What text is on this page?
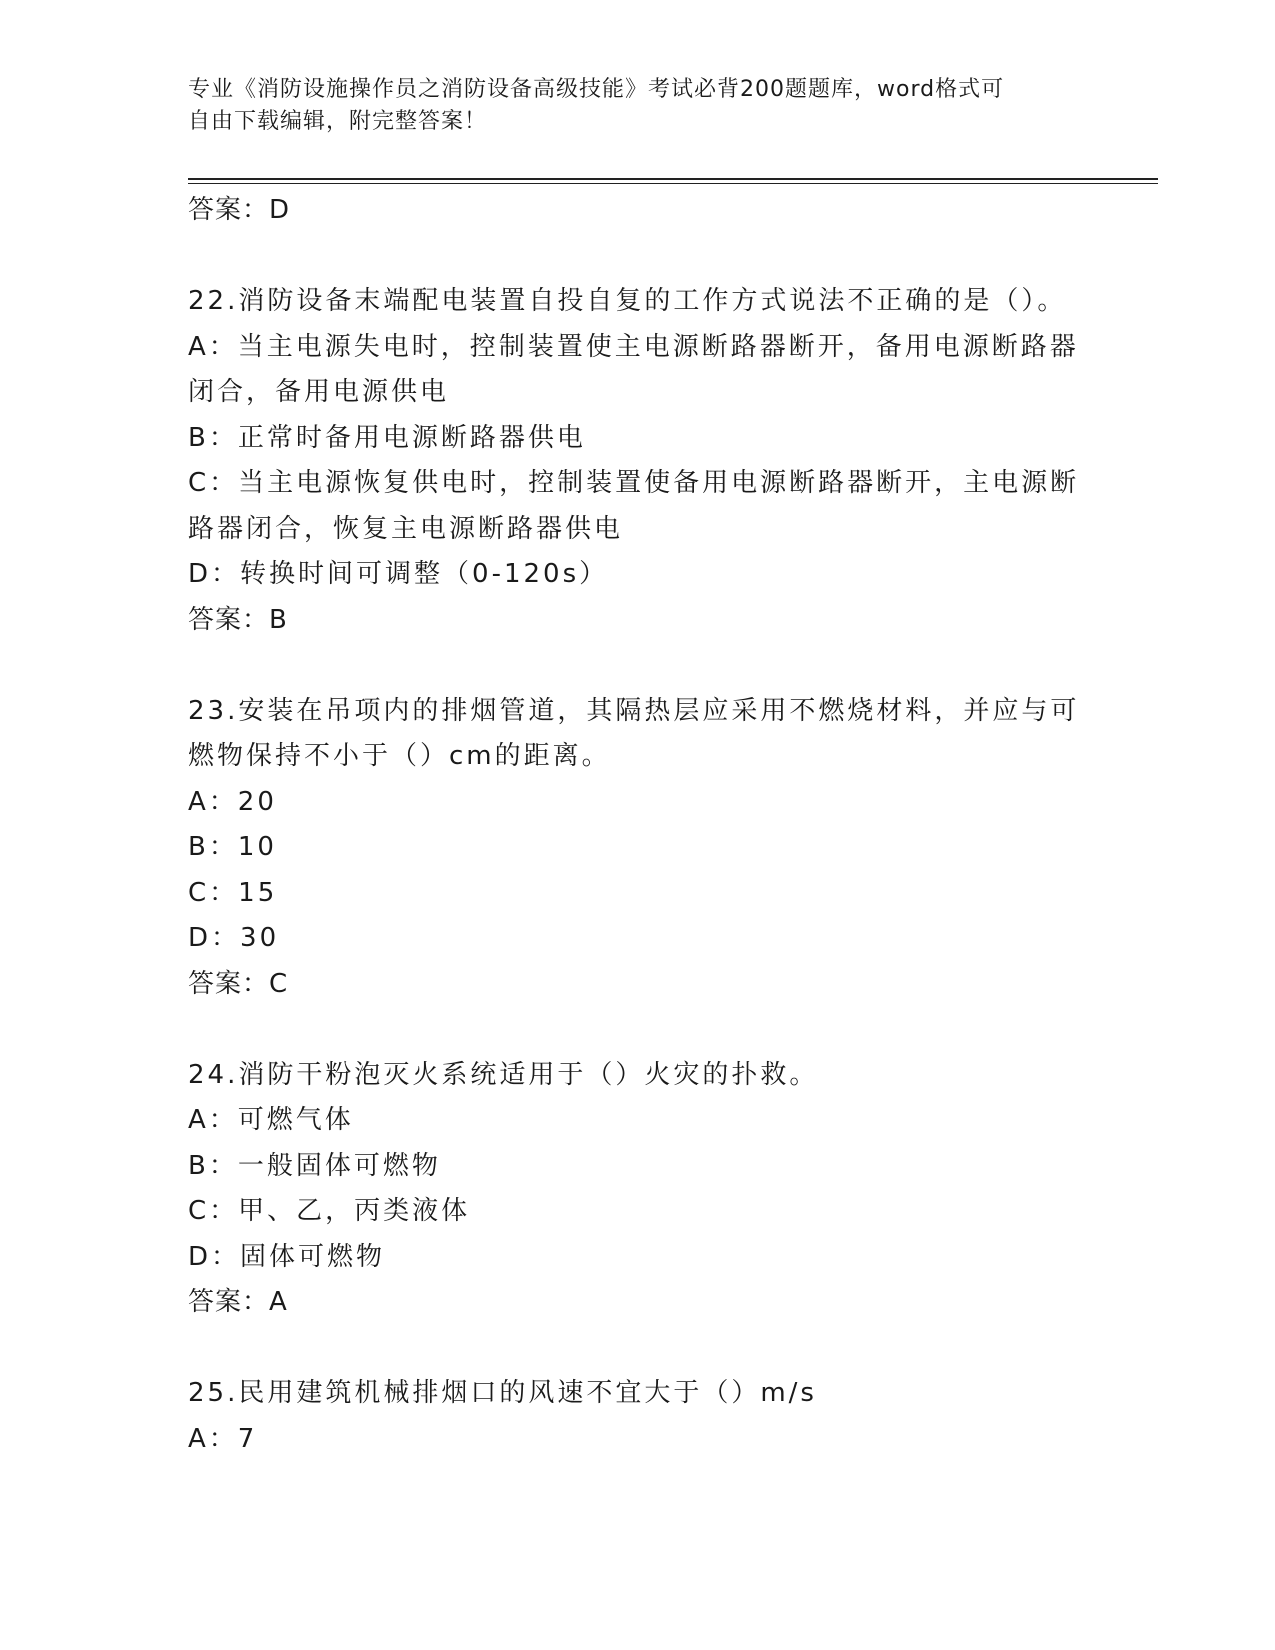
专业《消防设施操作员之消防设备高级技能》考试必背200题题库，word格式可
自由下载编辑，附完整答案！
答案：D
22.消防设备末端配电装置自投自复的工作方式说法不正确的是（）。
A：当主电源失电时，控制装置使主电源断路器断开，备用电源断路器
闭合，备用电源供电
B：正常时备用电源断路器供电
C：当主电源恢复供电时，控制装置使备用电源断路器断开，主电源断
路器闭合，恢复主电源断路器供电
D：转换时间可调整（0-120s）
答案：B
23.安装在吊项内的排烟管道，其隔热层应采用不燃烧材料，并应与可
燃物保持不小于（）cm的距离。
A：20
B：10
C：15
D：30
答案：C
24.消防干粉泡灭火系统适用于（）火灾的扑救。
A：可燃气体
B：一般固体可燃物
C：甲、乙，丙类液体
D：固体可燃物
答案：A
25.民用建筑机械排烟口的风速不宜大于（）m/s
A：7
